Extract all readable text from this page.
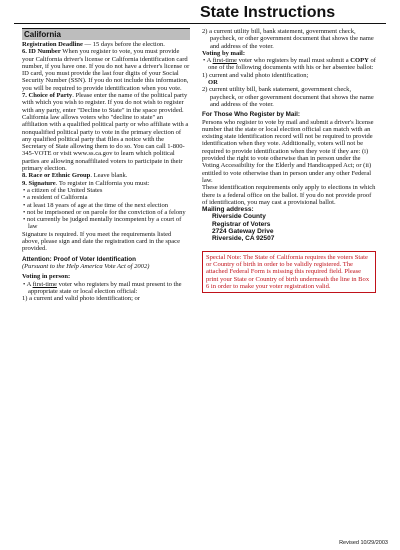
State Instructions
California

Registration Deadline — 15 days before the election.

6. ID Number When you register to vote, you must provide your California driver's license or California identification card number, if you have one. If you do not have a driver's license or ID card, you must provide the last four digits of your Social Security Number (SSN). If you do not include this information, you will be required to provide identification when you vote.

7. Choice of Party. Please enter the name of the political party with which you wish to register. If you do not wish to register with any party, enter "Decline to State" in the space provided.

California law allows voters who "decline to state" an affiliation with a qualified political party or who affiliate with a nonqualified political party to vote in the primary election of any qualified political party that files a notice with the Secretary of State allowing them to do so. You can call 1-800-345-VOTE or visit www.ss.ca.gov to learn which political parties are allowing nonaffiliated voters to participate in their primary election.

8. Race or Ethnic Group. Leave blank.

9. Signature. To register in California you must:

• a citizen of the United States

• a resident of California

• at least 18 years of age at the time of the next election

• not be imprisoned or on parole for the conviction of a felony

• not currently be judged mentally incompetent by a court of law

Signature is required. If you meet the requirements listed above, please sign and date the registration card in the space provided.

Attention: Proof of Voter Identification

(Pursuant to the Help America Vote Act of 2002)

Voting in person:

• A first-time voter who registers by mail must present to the appropriate state or local election official:

1) a current and valid photo identification; or

2) a current utility bill, bank statement, government check, paycheck, or other government document that shows the name and address of the voter.

Voting by mail:

• A first-time voter who registers by mail must submit a COPY of one of the following documents with his or her absentee ballot:

1) current and valid photo identification;

OR

2) current utility bill, bank statement, government check, paycheck, or other government document that shows the name and address of the voter.

For Those Who Register by Mail:

Persons who register to vote by mail and submit a driver's license number that the state or local election official can match with an existing state identification record will not be required to provide identification when they vote. Additionally, voters will not be required to provide identification when they vote if they are: (i) provided the right to vote otherwise than in person under the Voting Accessibility for the Elderly and Handicapped Act; or (ii) entitled to vote otherwise than in person under any other Federal law.

These identification requirements only apply to elections in which there is a federal office on the ballot. If you do not provide proof of identification, you may cast a provisional ballot.

Mailing address:

Riverside County

Registrar of Voters

2724 Gateway Drive

Riverside, CA 92507

Special Note: The State of California requires the voters State or Country of birth in order to be validly registered. The attached Federal Form is missing this required field. Please print your State or Country of birth underneath the line in Box 6 in order to make your voter registration valid.

Revised 10/29/2003
